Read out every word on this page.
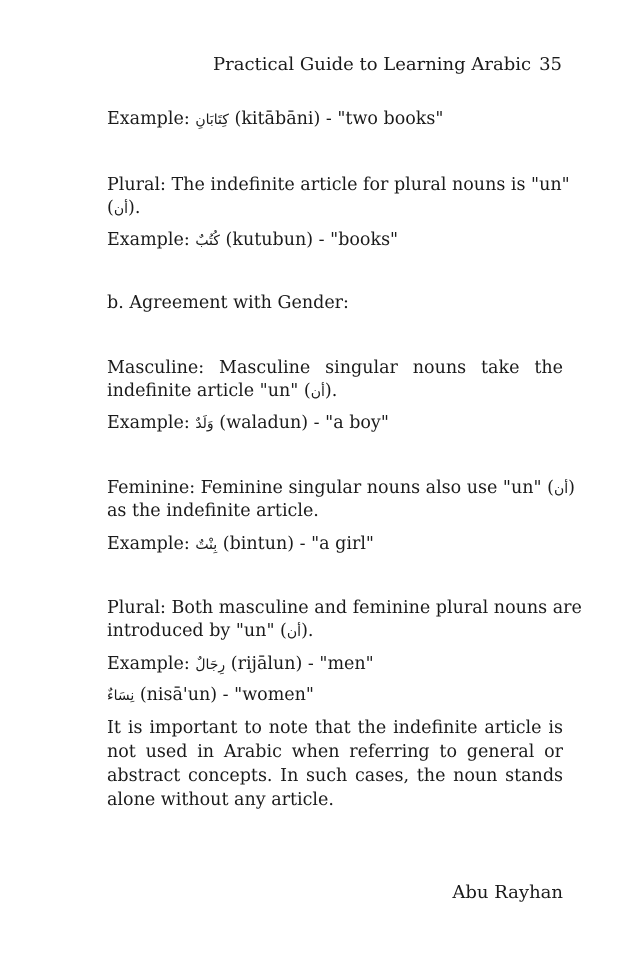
Practical Guide to Learning Arabic 35
Example: كِتَابَانِ (kitābāni) - "two books"
Plural: The indefinite article for plural nouns is "un"
(أن).
Example: كُتُبٌ (kutubun) - "books"
b. Agreement with Gender:
Masculine: Masculine singular nouns take the
indefinite article "un" (أن).
Example: وَلَدٌ (waladun) - "a boy"
Feminine: Feminine singular nouns also use "un" (أن)
as the indefinite article.
Example: بِنْتٌ (bintun) - "a girl"
Plural: Both masculine and feminine plural nouns are
introduced by "un" (أن).
Example: رِجَالٌ (rijālun) - "men"
نِسَاءٌ (nisā'un) - "women"
It is important to note that the indefinite article is not used in Arabic when referring to general or abstract concepts. In such cases, the noun stands alone without any article.
Abu Rayhan
